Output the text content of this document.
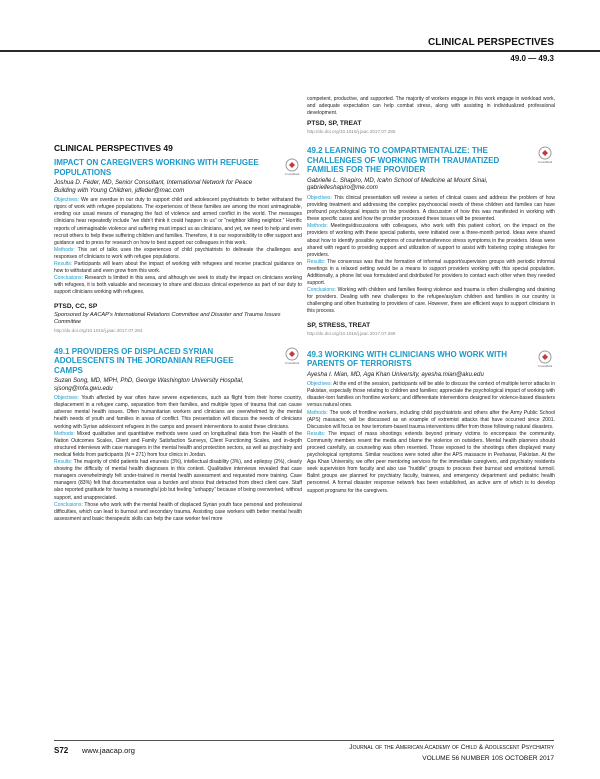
CLINICAL PERSPECTIVES
49.0 — 49.3
CLINICAL PERSPECTIVES 49
IMPACT ON CAREGIVERS WORKING WITH REFUGEE POPULATIONS
Joshua D. Feder, MD, Senior Consultant, International Network for Peace Building with Young Children, jdfeder@mac.com
CrossMark

Objectives: We are overdue in our duty to support child and adolescent psychiatrists to better withstand the rigors of work with refugee populations. The experiences of these families are among the most unimaginable, eroding our usual means of managing the fact of violence and armed conflict in the world. The messages clinicians hear repeatedly include “we didn’t think it could happen to us” or “neighbor killing neighbor.” Horrific reports of unimaginable violence and suffering must impact us as clinicians, and yet, we need to help and even recruit others to help these suffering children and families. Therefore, it is our responsibility to offer support and guidance and to press for research on how to best support our colleagues in this work.

Methods: This set of talks uses the experiences of child psychiatrists to delineate the challenges and responses of clinicians to work with refugee populations.

Results: Participants will learn about the impact of working with refugees and receive practical guidance on how to withstand and even grow from this work.

Conclusions: Research is limited in this area, and although we seek to study the impact on clinicians working with refugees, it is both valuable and necessary to share and discuss clinical experience as part of our duty to support clinicians working with refugees.

PTSD, CC, SP
Sponsored by AACAP’s International Relations Committee and Disaster and Trauma Issues Committee
http://dx.doi.org/10.1016/j.jaac.2017.07.284
49.1 PROVIDERS OF DISPLACED SYRIAN ADOLESCENTS IN THE JORDANIAN REFUGEE CAMPS
Suzan Song, MD, MPH, PhD, George Washington University Hospital, sjsong@mfa.gwu.edu
CrossMark

Objectives: Youth affected by war often have severe experiences, such as flight from their home country, displacement in a refugee camp, separation from their families, and multiple types of trauma that can cause adverse mental health issues. Often humanitarian workers and clinicians are overwhelmed by the mental health needs of youth and families in areas of conflict. This presentation will discuss the needs of clinicians working with Syrian adolescent refugees in the camps and present interventions to assist these clinicians.

Methods: Mixed qualitative and quantitative methods were used on longitudinal data from the Health of the Nation Outcomes Scales, Client and Family Satisfaction Surveys, Client Functioning Scales, and in-depth structured interviews with case managers in the mental health and protection sectors, as well as psychiatry and medical fields from participants (N = 271) from four clinics in Jordan.

Results: The majority of child patients had enuresis (3%), intellectual disability (3%), and epilepsy (2%), clearly showing the difficulty of mental health diagnoses in this context. Qualitative interviews revealed that case managers overwhelmingly felt under-trained in mental health assessment and requested more training. Case managers (83%) felt that documentation was a burden and stress that detracted from direct client care. Staff also reported gratitude for having a meaningful job but feeling “unhappy” because of being overworked, without support, and unappreciated.

Conclusions: Those who work with the mental health of displaced Syrian youth face personal and professional difficulties, which can lead to burnout and secondary trauma. Assisting case workers with better mental health assessment and basic therapeutic skills can help the case worker feel more

competent, productive, and supported. The majority of workers engage in this work engage in workload work, and adequate expectation can help combat stress, along with assisting in individualized professional development.

PTSD, SP, TREAT
http://dx.doi.org/10.1016/j.jaac.2017.07.285
49.2 LEARNING TO COMPARTMENTALIZE: THE CHALLENGES OF WORKING WITH TRAUMATIZED FAMILIES FOR THE PROVIDER
Gabrielle L. Shapiro, MD, Icahn School of Medicine at Mount Sinai, gabrielleshapiro@me.com
CrossMark

Objectives: This clinical presentation will review a series of clinical cases and address the problem of how providing treatment and addressing the complex psychosocial needs of these children and families can have profound psychological impacts on the providers. A discussion of how this was manifested in working with these specific cases and how the provider processed these issues will be presented.

Methods: Meetings/discussions with colleagues, who work with this patient cohort, on the impact on the providers of working with these special patients, were initiated over a three-month period. Ideas were shared about how to identify possible symptoms of countertransference stress symptoms in the providers. Ideas were shared with regard to providing support and utilization of support to assist with fostering coping strategies for providers.

Results: The consensus was that the formation of informal support/supervision groups with periodic informal meetings in a relaxed setting would be a means to support providers working with this special population. Additionally, a phone list was formulated and distributed for providers to contact each other when they needed support.

Conclusions: Working with children and families fleeing violence and trauma is often challenging and draining for providers. Dealing with new challenges to the refugee/asylum children and families in our country is challenging and often frustrating to providers of care. However, there are efficient ways to support clinicians in this process.

SP, STRESS, TREAT
http://dx.doi.org/10.1016/j.jaac.2017.07.286
49.3 WORKING WITH CLINICIANS WHO WORK WITH PARENTS OF TERRORISTS
Ayesha I. Mian, MD, Aga Khan University, ayesha.mian@aku.edu
CrossMark

Objectives: At the end of the session, participants will be able to discuss the context of multiple terror attacks in Pakistan, especially those relating to children and families; appreciate the psychological impact of working with disaster-torn families on frontline workers; and differentiate interventions designed for violence-based disasters versus natural ones.

Methods: The work of frontline workers, including child psychiatrists and others after the Army Public School (APS) massacre, will be discussed as an example of extremist attacks that have occurred since 2001. Discussion will focus on how terrorism-based trauma interventions differ from those following natural disasters.

Results: The impact of mass shootings extends beyond primary victims to encompass the community. Community members resent the media and blame the violence on outsiders. Mental health planners should proceed carefully, as counseling was often resented. Those exposed to the shootings often displayed many psychological symptoms. Similar reactions were noted after the APS massacre in Peshawar, Pakistan. At the Aga Khan University, we offer peer mentoring services for the immediate caregivers, and psychiatry residents seek supervision from faculty and also use “huddle” groups to process their burnout and emotional turmoil. Balint groups are planned for psychiatry faculty, trainees, and emergency department and pediatric health personnel. A formal disaster response network has been established, an active arm of which is to develop support programs for the caregivers.

S72 www.jaacap.org	Journal of the American Academy of Child & Adolescent Psychiatry
VOLUME 56 NUMBER 10S OCTOBER 2017
